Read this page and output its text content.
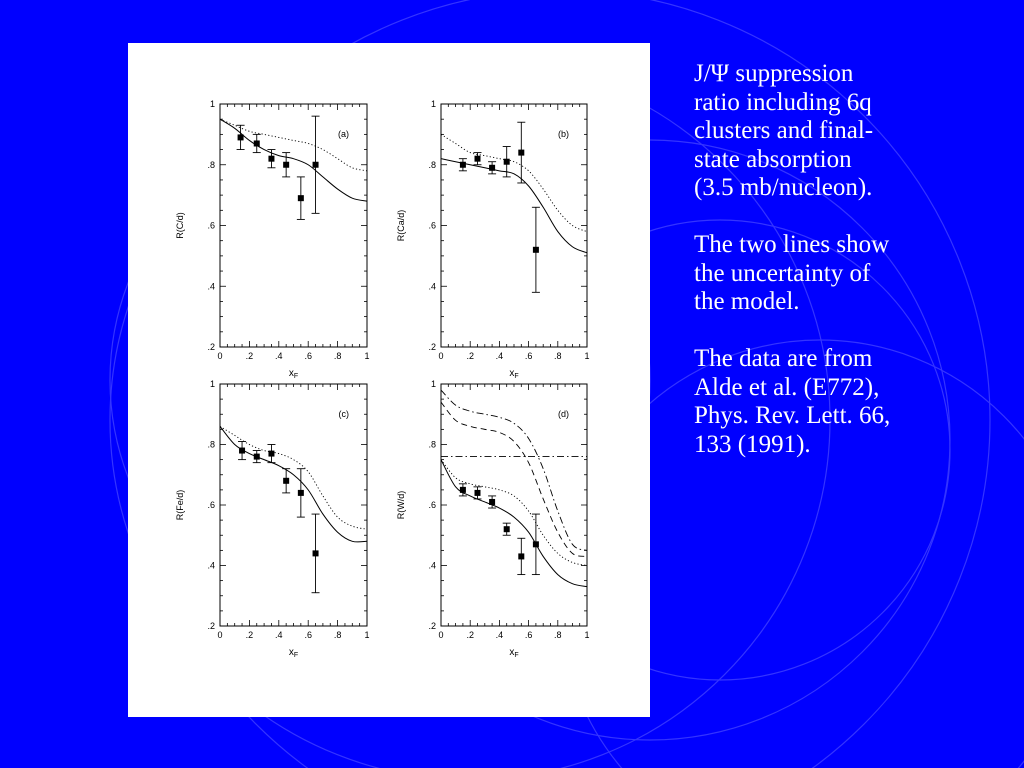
0	.2 .4 .6 .8	1
.2
.4
.6
.8
1
$x_F$
R(C/d)
(a)
0	.2 .4 .6 .8	1
.2
.4
.6
.8
1
$x_F$
R(Ca/d)
(b)
0	.2 .4 .6 .8	1
.2
.4
.6
.8
1
$x_F$
R(Fe/d)
(c)
0	.2 .4 .6 .8	1
.2
.4
.6
.8
1
$x_F$
R(W/d)
(d)

J/Ψ suppression
ratio including 6q
clusters and final-
state absorption
(3.5 mb/nucleon).

The two lines show
the uncertainty of
the model.

The data are from
Alde et al. (E772),
Phys. Rev. Lett. 66,
133 (1991).
